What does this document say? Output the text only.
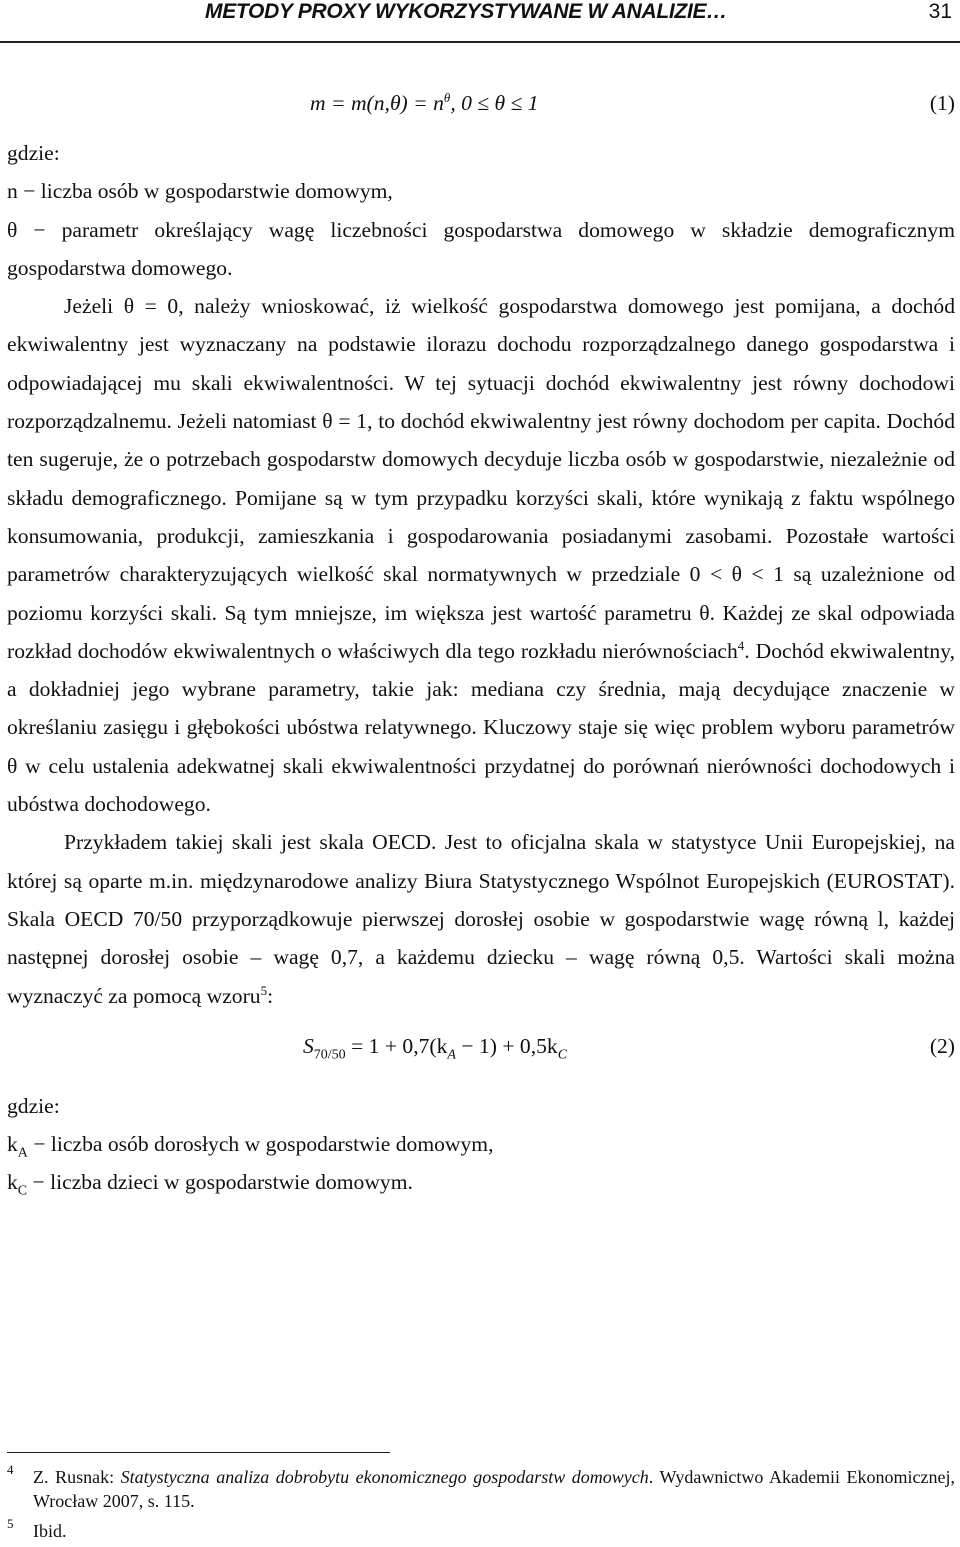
METODY PROXY WYKORZYSTYWANE W ANALIZIE…	31
$m = m(n,\theta) = n^\theta$, 0 ≤ θ ≤ 1	(1)

gdzie:

n − liczba osób w gospodarstwie domowym,

θ − parametr określający wagę liczebności gospodarstwa domowego w składzie demograficznym gospodarstwa domowego.

Jeżeli θ = 0, należy wnioskować, iż wielkość gospodarstwa domowego jest pomijana, a dochód ekwiwalentny jest wyznaczany na podstawie ilorazu dochodu rozporządzalnego danego gospodarstwa i odpowiadającej mu skali ekwiwalentności. W tej sytuacji dochód ekwiwalentny jest równy dochodowi rozporządzalnemu. Jeżeli natomiast θ = 1, to dochód ekwiwalentny jest równy dochodom per capita. Dochód ten sugeruje, że o potrzebach gospodarstw domowych decyduje liczba osób w gospodarstwie, niezależnie od składu demograficznego. Pomijane są w tym przypadku korzyści skali, które wynikają z faktu wspólnego konsumowania, produkcji, zamieszkania i gospodarowania posiadanymi zasobami. Pozostałe wartości parametrów charakteryzujących wielkość skal normatywnych w przedziale 0 < θ < 1 są uzależnione od poziomu korzyści skali. Są tym mniejsze, im większa jest wartość parametru θ. Każdej ze skal odpowiada rozkład dochodów ekwiwalentnych o właściwych dla tego rozkładu nierównościach$^4$. Dochód ekwiwalentny, a dokładniej jego wybrane parametry, takie jak: mediana czy średnia, mają decydujące znaczenie w określaniu zasięgu i głębokości ubóstwa relatywnego. Kluczowy staje się więc problem wyboru parametrów θ w celu ustalenia adekwatnej skali ekwiwalentności przydatnej do porównań nierówności dochodowych i ubóstwa dochodowego.

Przykładem takiej skali jest skala OECD. Jest to oficjalna skala w statystyce Unii Europejskiej, na której są oparte m.in. międzynarodowe analizy Biura Statystycznego Wspólnot Europejskich (EUROSTAT). Skala OECD 70/50 przyporządkowuje pierwszej dorosłej osobie w gospodarstwie wagę równą l, każdej następnej dorosłej osobie – wagę 0,7, a każdemu dziecku – wagę równą 0,5. Wartości skali można wyznaczyć za pomocą wzoru$^5$:

$S_{70/50} = 1 + 0,7(k_A - 1) + 0,5k_C$	(2)

gdzie:

$k_A$ − liczba osób dorosłych w gospodarstwie domowym,

$k_C$ − liczba dzieci w gospodarstwie domowym.

4 Z. Rusnak: Statystyczna analiza dobrobytu ekonomicznego gospodarstw domowych. Wydawnictwo Akademii Ekonomicznej, Wrocław 2007, s. 115.
5 Ibid.
